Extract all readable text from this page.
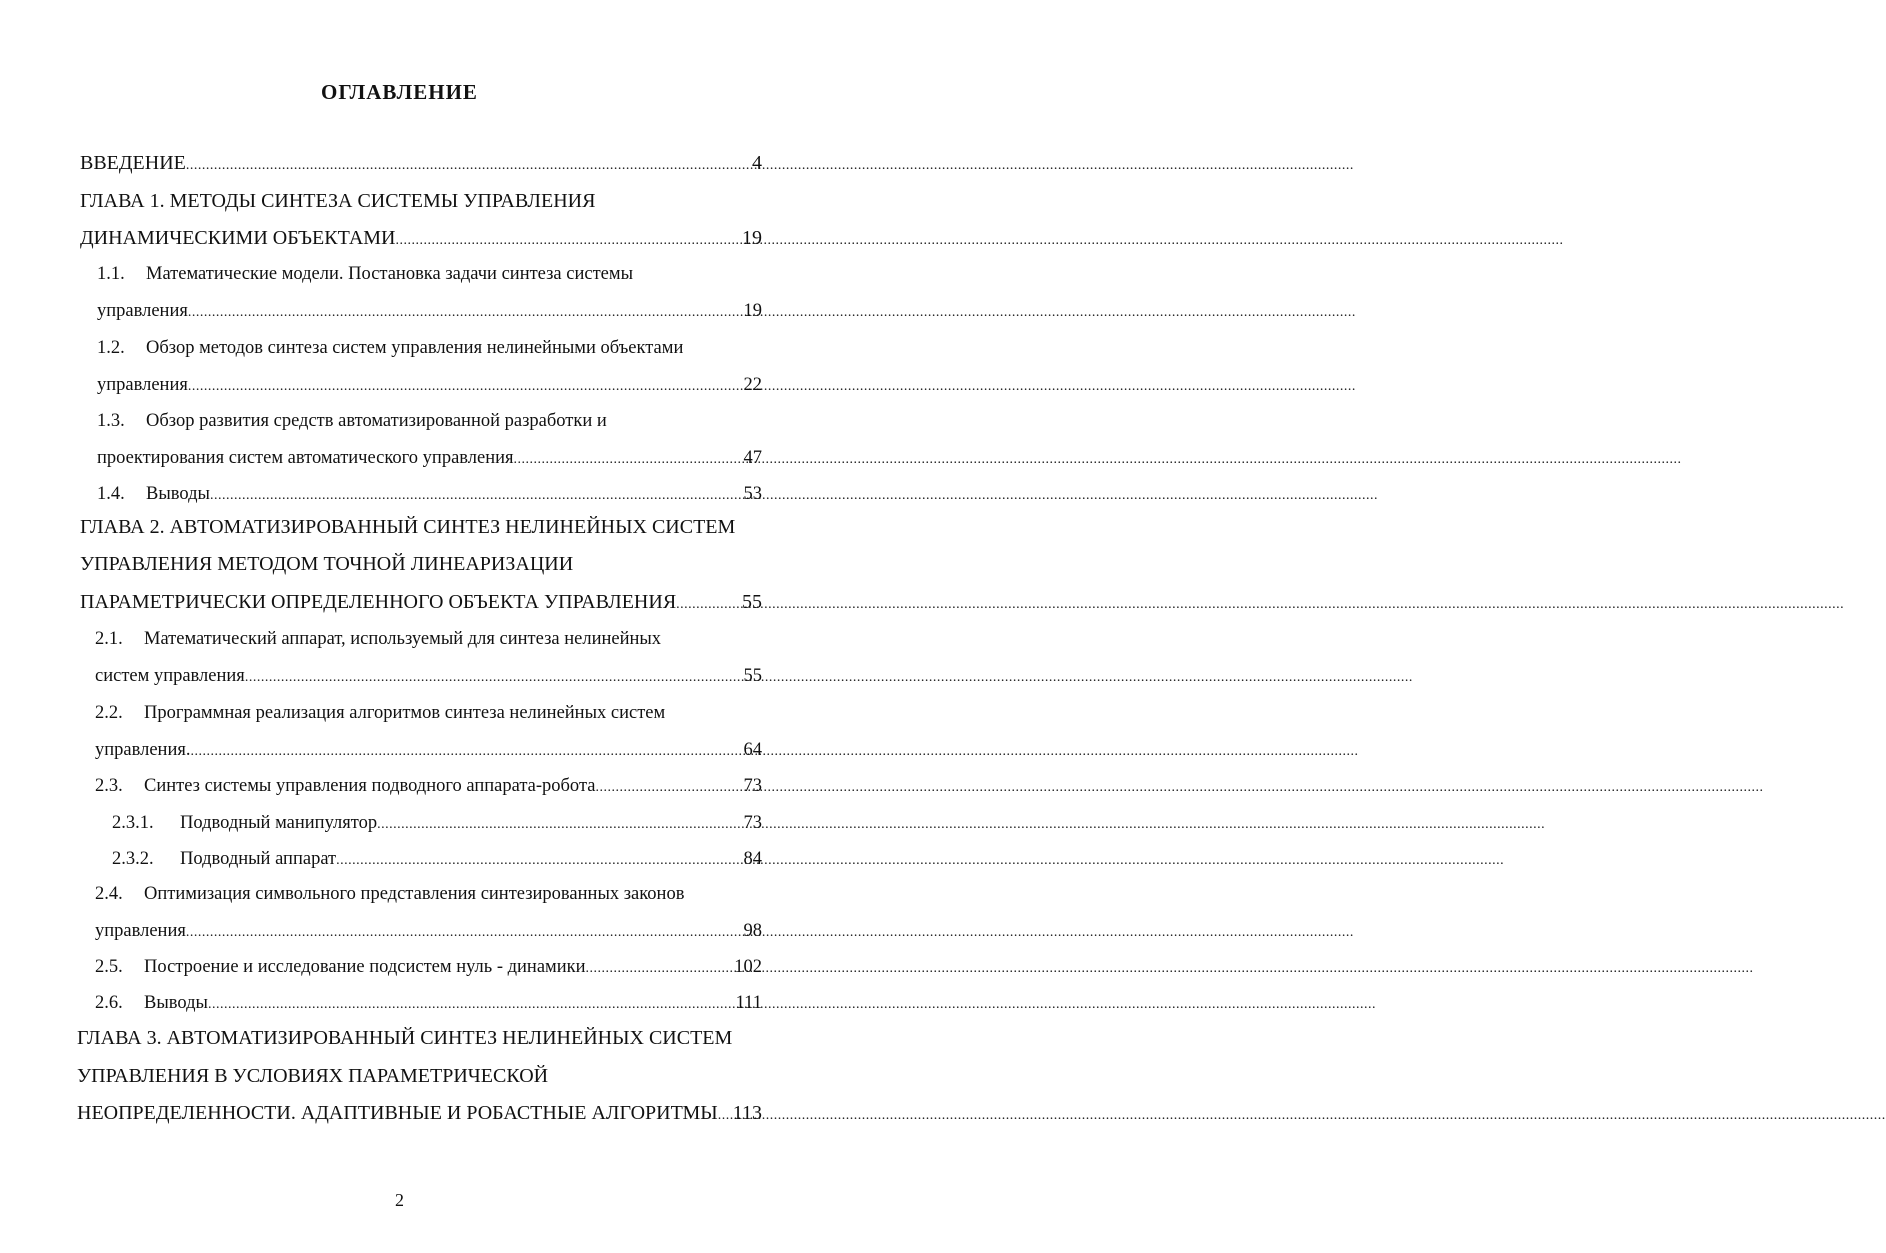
ОГЛАВЛЕНИЕ
ВВЕДЕНИЕ .....	4
ГЛАВА 1. МЕТОДЫ СИНТЕЗА СИСТЕМЫ УПРАВЛЕНИЯ
ДИНАМИЧЕСКИМИ ОБЪЕКТАМИ .....	19
1.1.	Математические модели. Постановка задачи синтеза системы
управления .....	19
1.2.	Обзор методов синтеза систем управления нелинейными объектами
управления .....	22
1.3.	Обзор развития средств автоматизированной разработки и
проектирования систем автоматического управления .....	47
1.4.	Выводы .....	53
ГЛАВА 2. АВТОМАТИЗИРОВАННЫЙ СИНТЕЗ НЕЛИНЕЙНЫХ СИСТЕМ
УПРАВЛЕНИЯ МЕТОДОМ ТОЧНОЙ ЛИНЕАРИЗАЦИИ
ПАРАМЕТРИЧЕСКИ ОПРЕДЕЛЕННОГО ОБЪЕКТА УПРАВЛЕНИЯ .....	55
2.1.	Математический аппарат, используемый для синтеза нелинейных
систем управления .....	55
2.2.	Программная реализация алгоритмов синтеза нелинейных систем
управления. .....	64
2.3.	Синтез системы управления подводного аппарата-робота .....	73
2.3.1.	Подводный манипулятор .....	73
2.3.2.	Подводный аппарат .....	84
2.4.	Оптимизация символьного представления синтезированных законов
управления .....	98
2.5.	Построение и исследование подсистем нуль - динамики .....	102
2.6.	Выводы .....	111
ГЛАВА 3. АВТОМАТИЗИРОВАННЫЙ СИНТЕЗ НЕЛИНЕЙНЫХ СИСТЕМ
УПРАВЛЕНИЯ В УСЛОВИЯХ ПАРАМЕТРИЧЕСКОЙ
НЕОПРЕДЕЛЕННОСТИ. АДАПТИВНЫЕ И РОБАСТНЫЕ АЛГОРИТМЫ ..... 113
2
